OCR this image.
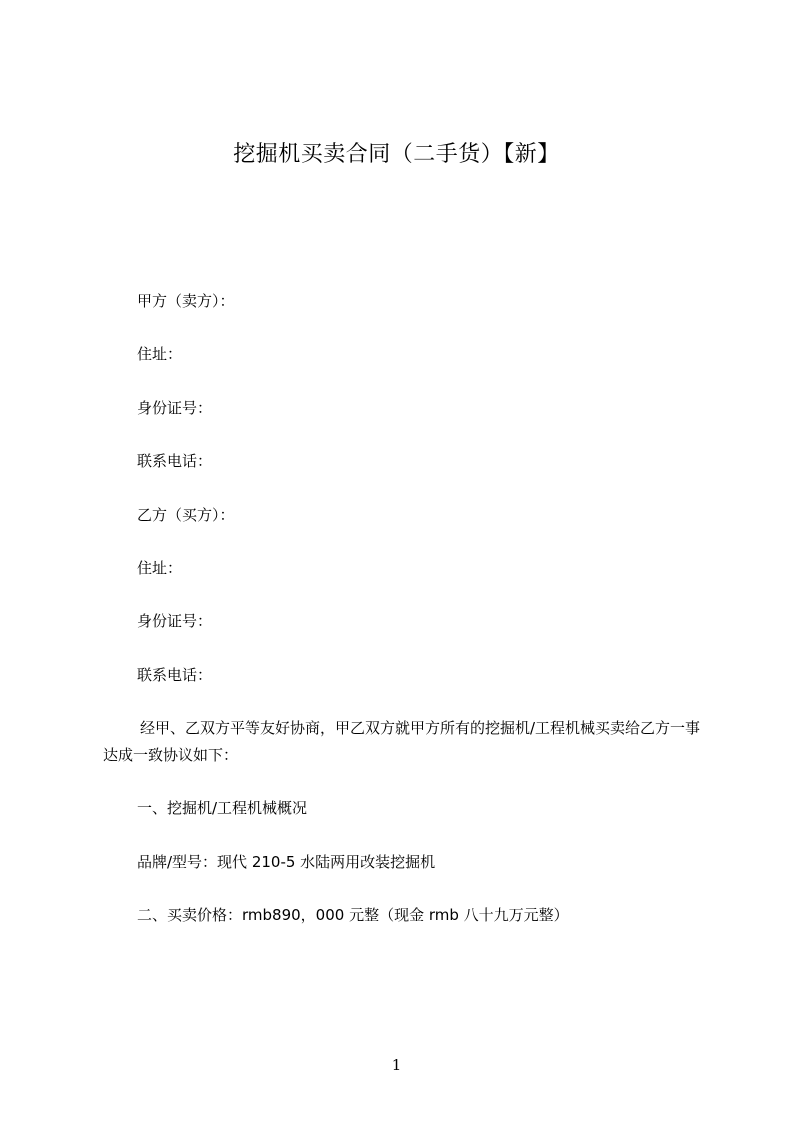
挖掘机买卖合同（二手货）【新】
甲方（卖方）：
住址：
身份证号：
联系电话：
乙方（买方）：
住址：
身份证号：
联系电话：
经甲、乙双方平等友好协商，甲乙双方就甲方所有的挖掘机/工程机械买卖给乙方一事达成一致协议如下：
一、挖掘机/工程机械概况
品牌/型号：现代 210-5 水陆两用改装挖掘机
二、买卖价格：rmb890，000 元整（现金 rmb 八十九万元整）
1
